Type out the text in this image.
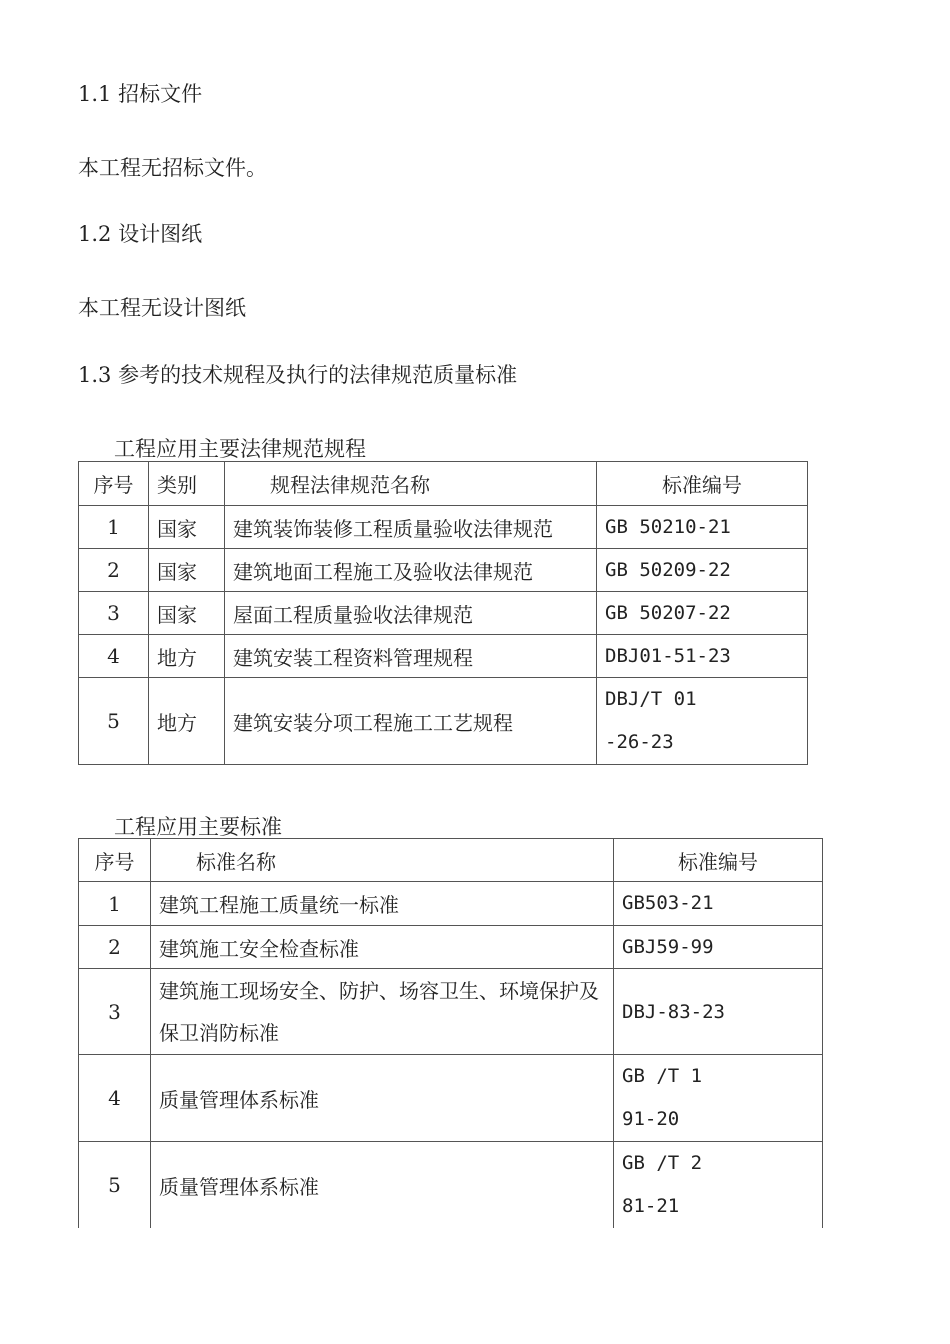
1.1 招标文件
本工程无招标文件。
1.2 设计图纸
本工程无设计图纸
1.3 参考的技术规程及执行的法律规范质量标准
工程应用主要法律规范规程
序号	类别	规程法律规范名称	标准编号
1	国家	建筑装饰装修工程质量验收法律规范	GB 50210-21
2	国家	建筑地面工程施工及验收法律规范	GB 50209-22
3	国家	屋面工程质量验收法律规范	GB 50207-22
4	地方	建筑安装工程资料管理规程	DBJ01-51-23
5	地方	建筑安装分项工程施工工艺规程	DBJ/T 01-26-23
工程应用主要标准
序号	标准名称	标准编号
1	建筑工程施工质量统一标准	GB503-21
2	建筑施工安全检查标准	GBJ59-99
3	建筑施工现场安全、防护、场容卫生、环境保护及保卫消防标准	DBJ-83-23
4	质量管理体系标准	GB /T 191-20

5	质量管理体系标准	GB /T 281-21
